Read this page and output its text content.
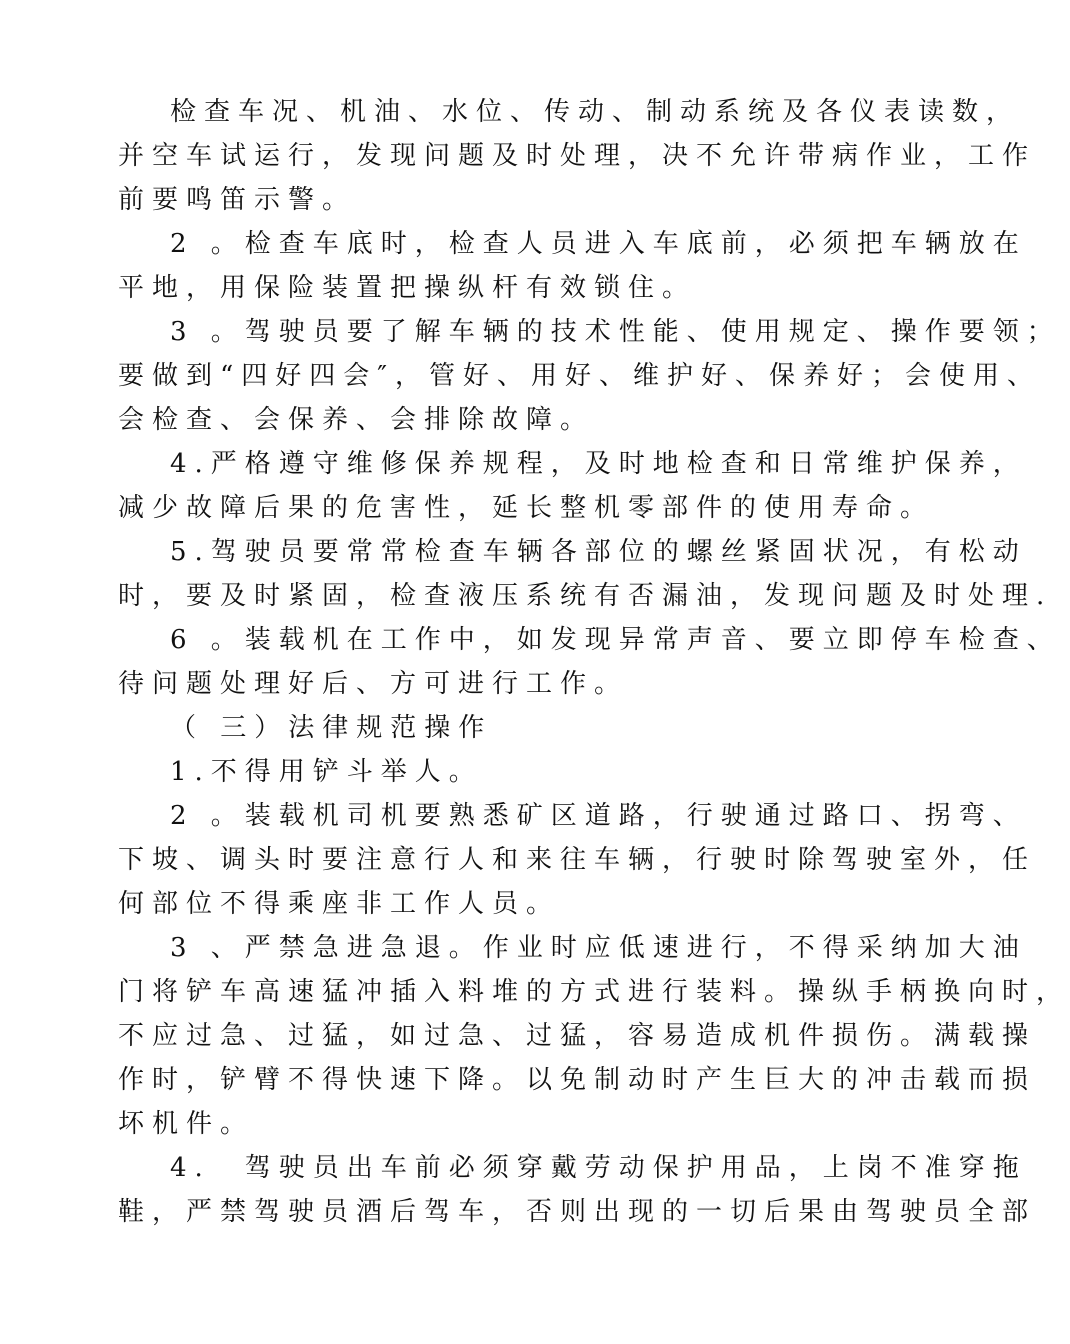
检查车况、机油、水位、传动、制动系统及各仪表读数，
并空车试运行，发现问题及时处理，决不允许带病作业，工作
前要鸣笛示警。
2 。检查车底时，检查人员进入车底前，必须把车辆放在
平地，用保险装置把操纵杆有效锁住。
3 。驾驶员要了解车辆的技术性能、使用规定、操作要领；
要做到“四好四会″，管好、用好、维护好、保养好；会使用、
会检查、会保养、会排除故障。
4.严格遵守维修保养规程，及时地检查和日常维护保养，
减少故障后果的危害性，延长整机零部件的使用寿命。
5.驾驶员要常常检查车辆各部位的螺丝紧固状况，有松动
时，要及时紧固，检查液压系统有否漏油，发现问题及时处理.
6 。装载机在工作中，如发现异常声音、要立即停车检查、
待问题处理好后、方可进行工作。
（ 三）法律规范操作
1.不得用铲斗举人。
2 。装载机司机要熟悉矿区道路，行驶通过路口、拐弯、
下坡、调头时要注意行人和来往车辆，行驶时除驾驶室外，任
何部位不得乘座非工作人员。
3 、严禁急进急退。作业时应低速进行，不得采纳加大油
门将铲车高速猛冲插入料堆的方式进行装料。操纵手柄换向时，
不应过急、过猛，如过急、过猛，容易造成机件损伤。满载操
作时，铲臂不得快速下降。以免制动时产生巨大的冲击载而损
坏机件。
4.　驾驶员出车前必须穿戴劳动保护用品，上岗不准穿拖
鞋，严禁驾驶员酒后驾车，否则出现的一切后果由驾驶员全部
